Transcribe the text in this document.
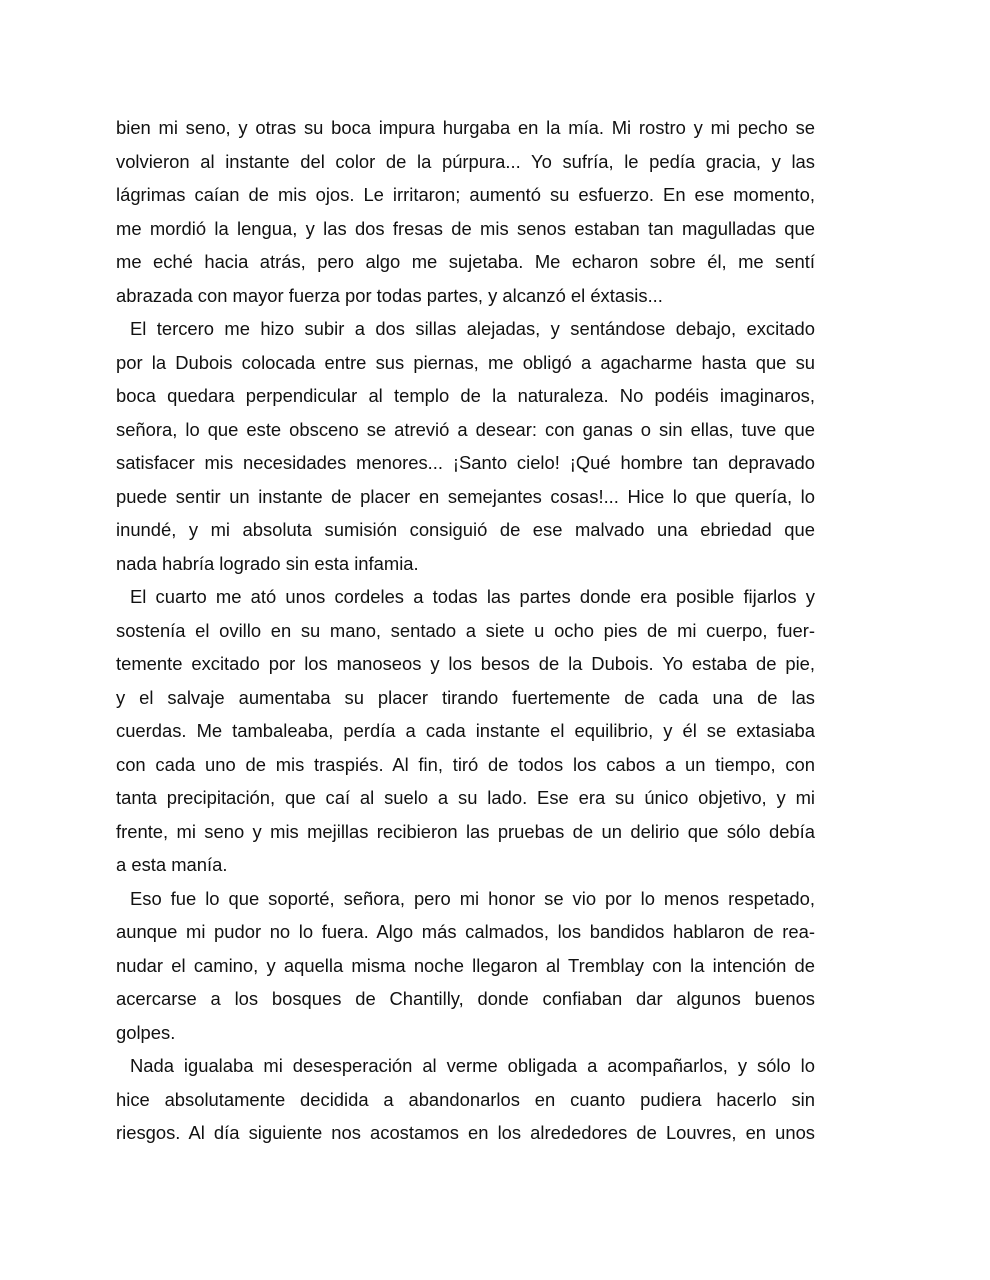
bien mi seno, y otras su boca impura hurgaba en la mía. Mi rostro y mi pecho se
volvieron al instante del color de la púrpura... Yo sufría, le pedía gracia, y las
lágrimas caían de mis ojos. Le irritaron; aumentó su esfuerzo. En ese momento,
me mordió la lengua, y las dos fresas de mis senos estaban tan magulladas que
me eché hacia atrás, pero algo me sujetaba. Me echaron sobre él, me sentí
abrazada con mayor fuerza por todas partes, y alcanzó el éxtasis...

El tercero me hizo subir a dos sillas alejadas, y sentándose debajo, excitado
por la Dubois colocada entre sus piernas, me obligó a agacharme hasta que su
boca quedara perpendicular al templo de la naturaleza. No podéis imaginaros,
señora, lo que este obsceno se atrevió a desear: con ganas o sin ellas, tuve que
satisfacer mis necesidades menores... ¡Santo cielo! ¡Qué hombre tan depravado
puede sentir un instante de placer en semejantes cosas!... Hice lo que quería, lo
inundé, y mi absoluta sumisión consiguió de ese malvado una ebriedad que
nada habría logrado sin esta infamia.

El cuarto me ató unos cordeles a todas las partes donde era posible fijarlos y
sostenía el ovillo en su mano, sentado a siete u ocho pies de mi cuerpo, fuer-
temente excitado por los manoseos y los besos de la Dubois. Yo estaba de pie,
y el salvaje aumentaba su placer tirando fuertemente de cada una de las
cuerdas. Me tambaleaba, perdía a cada instante el equilibrio, y él se extasiaba
con cada uno de mis traspiés. Al fin, tiró de todos los cabos a un tiempo, con
tanta precipitación, que caí al suelo a su lado. Ese era su único objetivo, y mi
frente, mi seno y mis mejillas recibieron las pruebas de un delirio que sólo debía
a esta manía.

Eso fue lo que soporté, señora, pero mi honor se vio por lo menos respetado,
aunque mi pudor no lo fuera. Algo más calmados, los bandidos hablaron de rea-
nudar el camino, y aquella misma noche llegaron al Tremblay con la intención de
acercarse a los bosques de Chantilly, donde confiaban dar algunos buenos
golpes.

Nada igualaba mi desesperación al verme obligada a acompañarlos, y sólo lo
hice absolutamente decidida a abandonarlos en cuanto pudiera hacerlo sin
riesgos. Al día siguiente nos acostamos en los alrededores de Louvres, en unos
